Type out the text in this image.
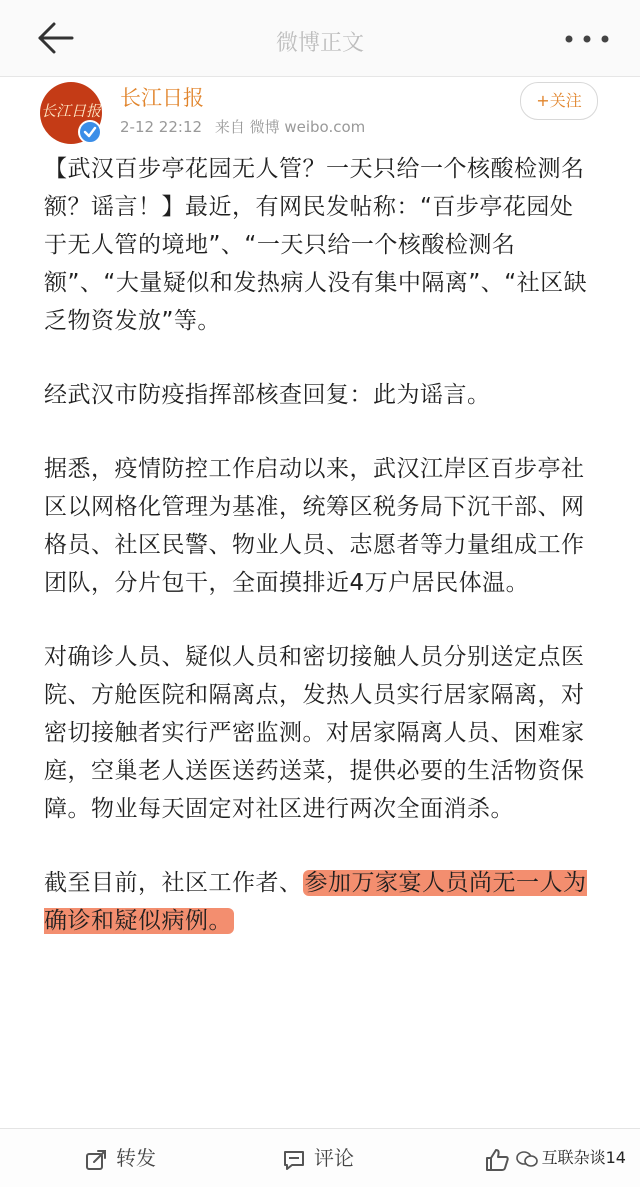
微博正文
长江日报
长江日报
2-12 22:12 来自 微博 weibo.com
+关注

【武汉百步亭花园无人管？一天只给一个核酸检测名额？谣言！】最近，有网民发帖称：“百步亭花园处于无人管的境地”、“一天只给一个核酸检测名额”、“大量疑似和发热病人没有集中隔离”、“社区缺乏物资发放”等。

经武汉市防疫指挥部核查回复：此为谣言。

据悉，疫情防控工作启动以来，武汉江岸区百步亭社区以网格化管理为基准，统筹区税务局下沉干部、网格员、社区民警、物业人员、志愿者等力量组成工作团队，分片包干，全面摸排近4万户居民体温。

对确诊人员、疑似人员和密切接触人员分别送定点医院、方舱医院和隔离点，发热人员实行居家隔离，对密切接触者实行严密监测。对居家隔离人员、困难家庭，空巢老人送医送药送菜，提供必要的生活物资保障。物业每天固定对社区进行两次全面消杀。

截至目前，社区工作者、参加万家宴人员尚无一人为确诊和疑似病例。

转发	评论	互联杂谈14
